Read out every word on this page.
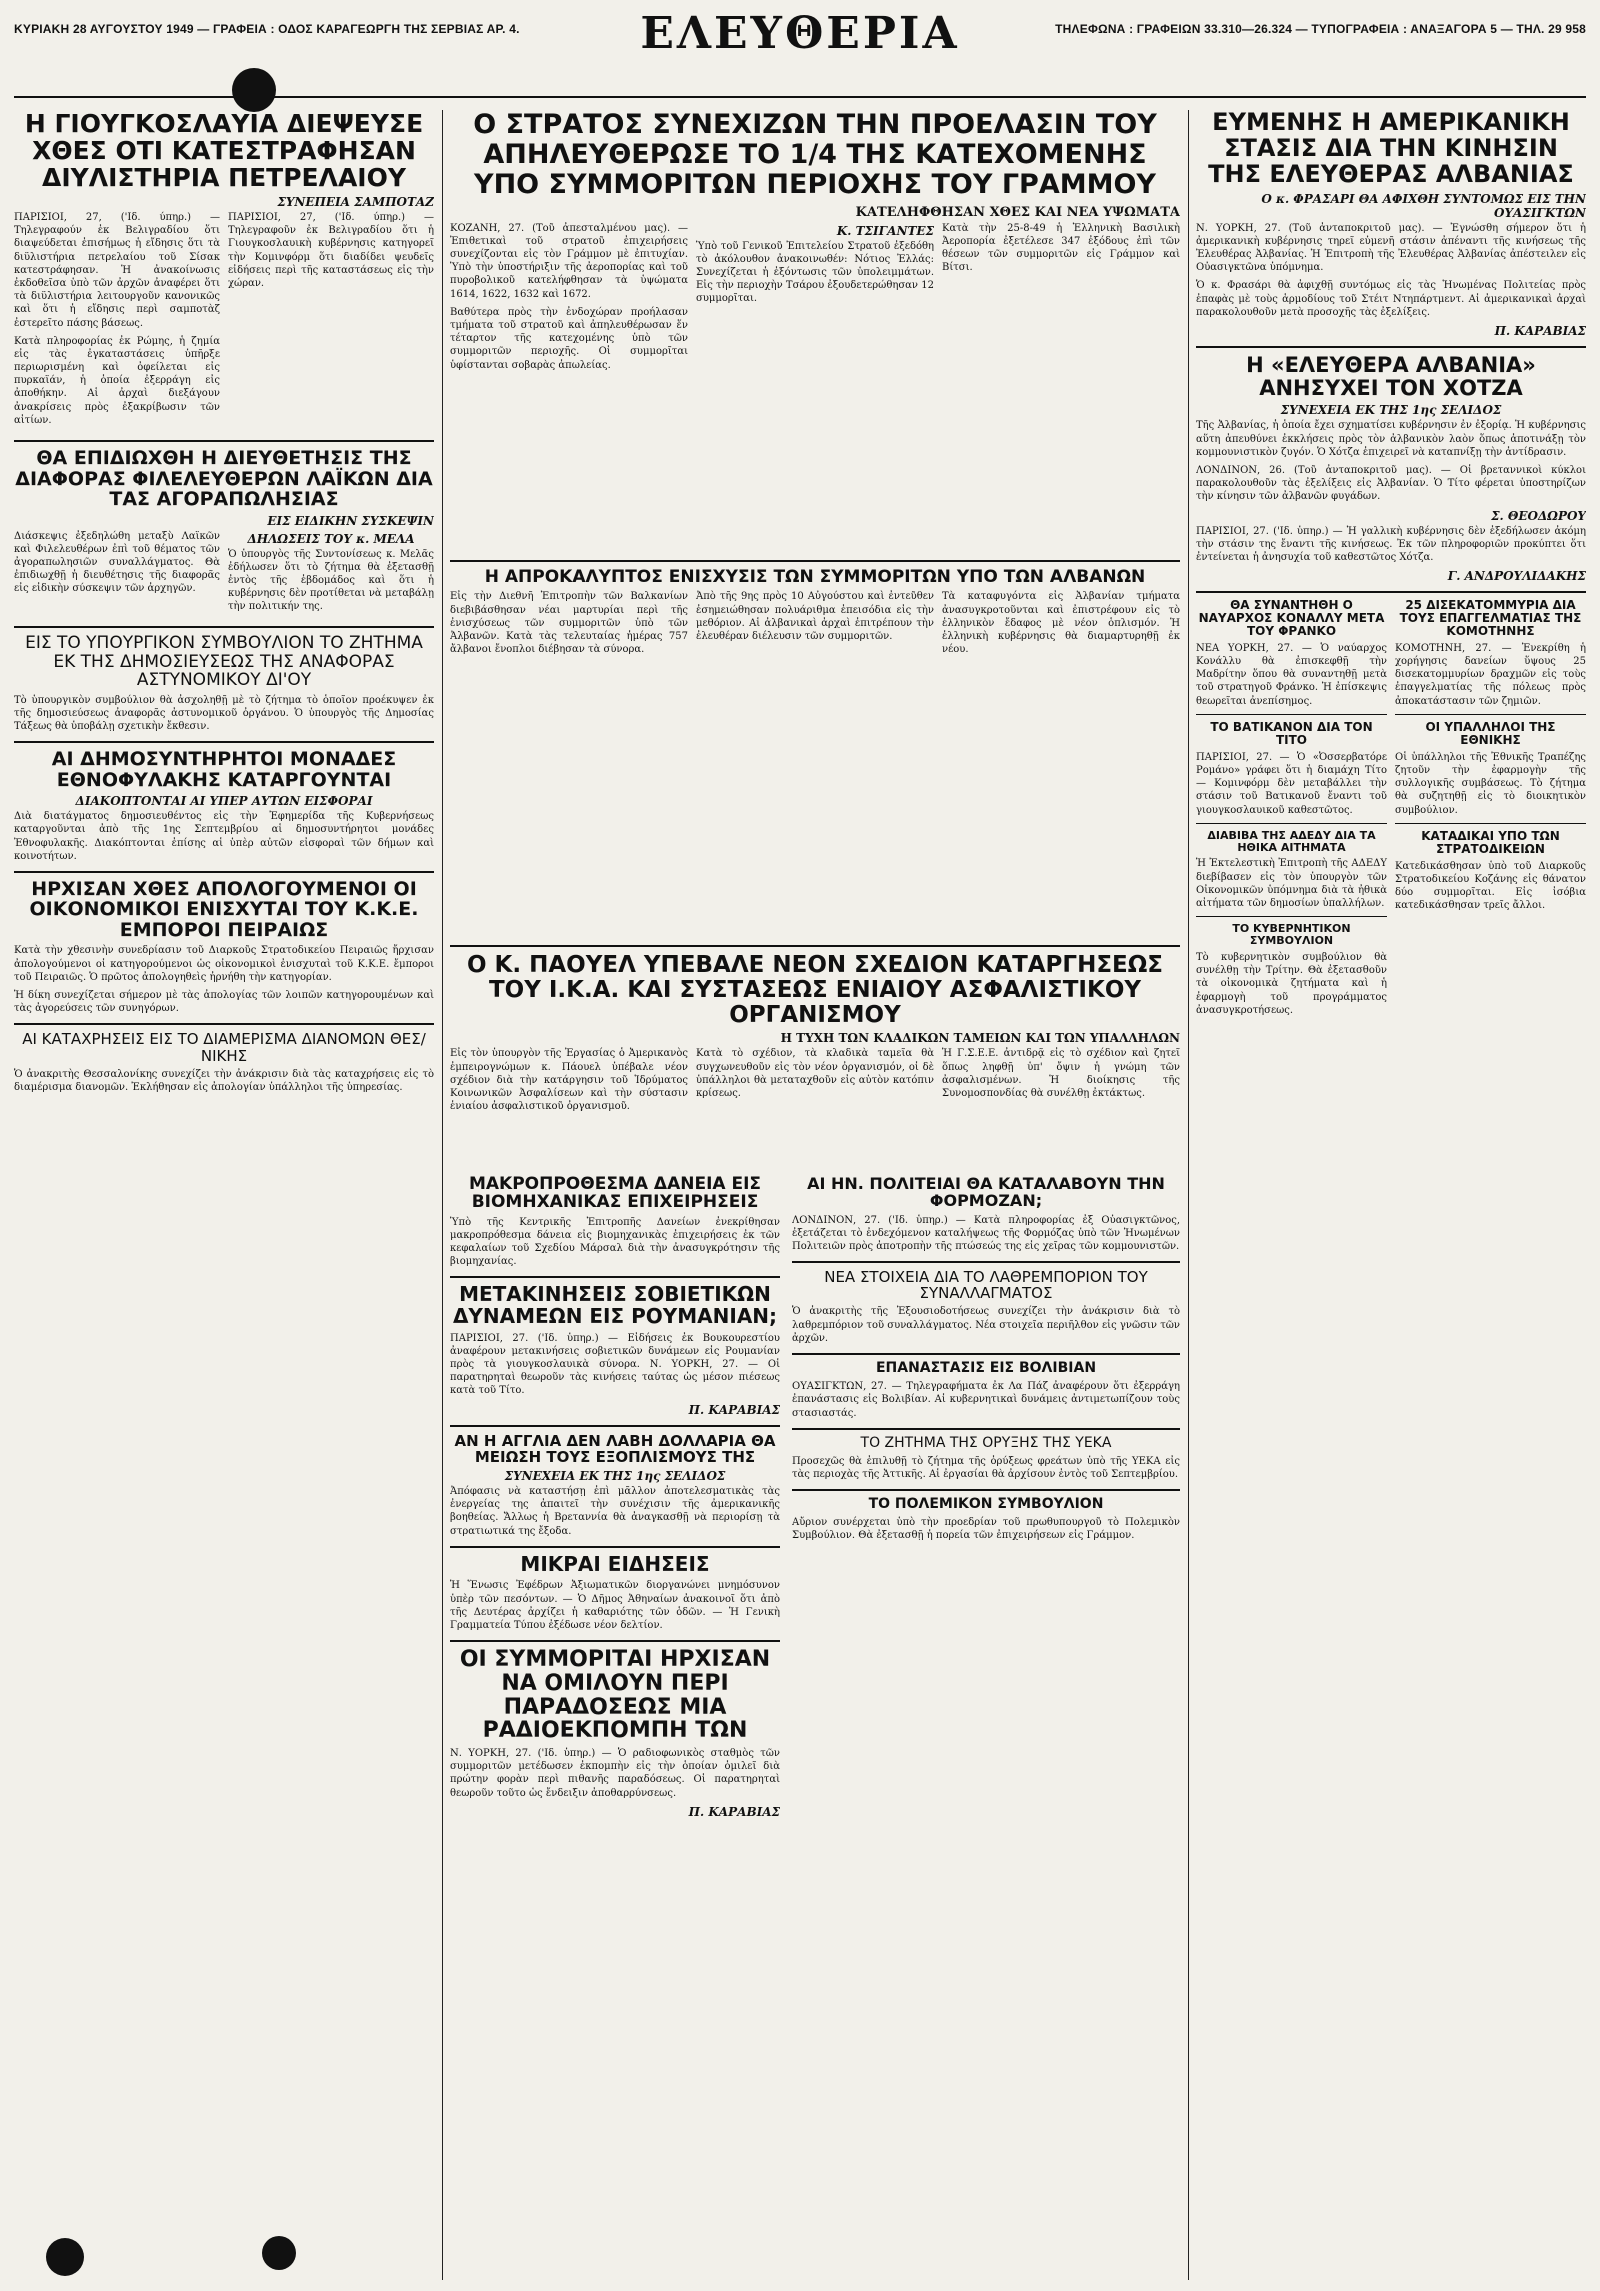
ΚΥΡΙΑΚΗ 28 ΑΥΓΟΥΣΤΟΥ 1949 — ΓΡΑΦΕΙΑ : ΟΔΟΣ ΚΑΡΑΓΕΩΡΓΗ ΤΗΣ ΣΕΡΒΙΑΣ ΑΡ. 4.	ΕΛΕΥΘΕΡΙΑ	ΤΗΛΕΦΩΝΑ : ΓΡΑΦΕΙΩΝ 33.310—26.324 — ΤΥΠΟΓΡΑΦΕΙΑ : ΑΝΑΞΑΓΟΡΑ 5 — ΤΗΛ. 29 958
Η ΓΙΟΥΓΚΟΣΛΑΥΙΑ ΔΙΕΨΕΥΣΕ ΧΘΕΣ ΟΤΙ ΚΑΤΕΣΤΡΑΦΗΣΑΝ ΔΙΥΛΙΣΤΗΡΙΑ ΠΕΤΡΕΛΑΙΟΥ
ΣΥΝΕΠΕΙΑ ΣΑΜΠΟΤΑΖ

ΠΑΡΙΣΙΟΙ, 27, ('Ιδ. ύπηρ.) — Τηλεγραφούν ἐκ Βελιγραδίου ὅτι διαψεύδεται ἐπισήμως ἡ εἴδησις ὅτι τὰ διϋλιστήρια πετρελαίου τοῦ Σίσακ κατεστράφησαν. Ἡ ἀνακοίνωσις ἐκδοθεῖσα ὑπὸ τῶν ἀρχῶν ἀναφέρει ὅτι τὰ διϋλιστήρια λειτουργοῦν κανονικῶς καὶ ὅτι ἡ εἴδησις περὶ σαμποτὰζ ἐστερεῖτο πάσης βάσεως.

Κατὰ πληροφορίας ἐκ Ρώμης, ἡ ζημία εἰς τὰς ἐγκαταστάσεις ὑπῆρξε περιωρισμένη καὶ ὀφείλεται εἰς πυρκαϊάν, ἡ ὁποία ἐξερράγη εἰς ἀποθήκην. Αἱ ἀρχαὶ διεξάγουν ἀνακρίσεις πρὸς ἐξακρίβωσιν τῶν αἰτίων.

ΠΑΡΙΣΙΟΙ, 27, ('Ιδ. ύπηρ.) — Τηλεγραφοῦν ἐκ Βελιγραδίου ὅτι ἡ Γιουγκοσλαυικὴ κυβέρνησις κατηγορεῖ τὴν Κομινφόρμ ὅτι διαδίδει ψευδεῖς εἰδήσεις περὶ τῆς καταστάσεως εἰς τὴν χώραν.

ΘΑ ΕΠΙΔΙΩΧΘΗ Η ΔΙΕΥΘΕΤΗΣΙΣ ΤΗΣ ΔΙΑΦΟΡΑΣ ΦΙΛΕΛΕΥΘΕΡΩΝ ΛΑΪΚΩΝ ΔΙΑ ΤΑΣ ΑΓΟΡΑΠΩΛΗΣΙΑΣ
ΕΙΣ ΕΙΔΙΚΗΝ ΣΥΣΚΕΨΙΝ

Διάσκεψις ἐξεδηλώθη μεταξὺ Λαϊκῶν καὶ Φιλελευθέρων ἐπὶ τοῦ θέματος τῶν ἀγοραπωλησιῶν συναλλάγματος. Θὰ ἐπιδιωχθῇ ἡ διευθέτησις τῆς διαφορᾶς εἰς εἰδικὴν σύσκεψιν τῶν ἀρχηγῶν.

ΔΗΛΩΣΕΙΣ ΤΟΥ κ. ΜΕΛΑ

Ὁ ὑπουργὸς τῆς Συντονίσεως κ. Μελᾶς ἐδήλωσεν ὅτι τὸ ζήτημα θὰ ἐξετασθῇ ἐντὸς τῆς ἑβδομάδος καὶ ὅτι ἡ κυβέρνησις δὲν προτίθεται νὰ μεταβάλῃ τὴν πολιτικήν της.

ΕΙΣ ΤΟ ΥΠΟΥΡΓΙΚΟΝ ΣΥΜΒΟΥΛΙΟΝ ΤΟ ΖΗΤΗΜΑ ΕΚ ΤΗΣ ΔΗΜΟΣΙΕΥΣΕΩΣ ΤΗΣ ΑΝΑΦΟΡΑΣ ΑΣΤΥΝΟΜΙΚΟΥ ΔΙ'ΟΥ

Τὸ ὑπουργικὸν συμβούλιον θὰ ἀσχοληθῇ μὲ τὸ ζήτημα τὸ ὁποῖον προέκυψεν ἐκ τῆς δημοσιεύσεως ἀναφορᾶς ἀστυνομικοῦ ὀργάνου. Ὁ ὑπουργὸς τῆς Δημοσίας Τάξεως θὰ ὑποβάλῃ σχετικὴν ἔκθεσιν.

ΑΙ ΔΗΜΟΣΥΝΤΗΡΗΤΟΙ ΜΟΝΑΔΕΣ ΕΘΝΟΦΥΛΑΚΗΣ ΚΑΤΑΡΓΟΥΝΤΑΙ
ΔΙΑΚΟΠΤΟΝΤΑΙ ΑΙ ΥΠΕΡ ΑΥΤΩΝ ΕΙΣΦΟΡΑΙ

Διὰ διατάγματος δημοσιευθέντος εἰς τὴν Ἐφημερίδα τῆς Κυβερνήσεως καταργοῦνται ἀπὸ τῆς 1ης Σεπτεμβρίου αἱ δημοσυντήρητοι μονάδες Ἐθνοφυλακῆς. Διακόπτονται ἐπίσης αἱ ὑπὲρ αὐτῶν εἰσφοραὶ τῶν δήμων καὶ κοινοτήτων.

ΗΡΧΙΣΑΝ ΧΘΕΣ ΑΠΟΛΟΓΟΥΜΕΝΟΙ ΟΙ ΟΙΚΟΝΟΜΙΚΟΙ ΕΝΙΣΧΥΤΑΙ ΤΟΥ Κ.Κ.Ε. ΕΜΠΟΡΟΙ ΠΕΙΡΑΙΩΣ

Κατὰ τὴν χθεσινὴν συνεδρίασιν τοῦ Διαρκοῦς Στρατοδικείου Πειραιῶς ἤρχισαν ἀπολογούμενοι οἱ κατηγορούμενοι ὡς οἰκονομικοὶ ἐνισχυταὶ τοῦ Κ.Κ.Ε. ἔμποροι τοῦ Πειραιῶς. Ὁ πρῶτος ἀπολογηθεὶς ἠρνήθη τὴν κατηγορίαν.

Ἡ δίκη συνεχίζεται σήμερον μὲ τὰς ἀπολογίας τῶν λοιπῶν κατηγορουμένων καὶ τὰς ἀγορεύσεις τῶν συνηγόρων.

ΑΙ ΚΑΤΑΧΡΗΣΕΙΣ ΕΙΣ ΤΟ ΔΙΑΜΕΡΙΣΜΑ ΔΙΑΝΟΜΩΝ ΘΕΣ/ΝΙΚΗΣ

Ὁ ἀνακριτὴς Θεσσαλονίκης συνεχίζει τὴν ἀνάκρισιν διὰ τὰς καταχρήσεις εἰς τὸ διαμέρισμα διανομῶν. Ἐκλήθησαν εἰς ἀπολογίαν ὑπάλληλοι τῆς ὑπηρεσίας.

Ο ΣΤΡΑΤΟΣ ΣΥΝΕΧΙΖΩΝ ΤΗΝ ΠΡΟΕΛΑΣΙΝ ΤΟΥ ΑΠΗΛΕΥΘΕΡΩΣΕ ΤΟ 1/4 ΤΗΣ ΚΑΤΕΧΟΜΕΝΗΣ ΥΠΟ ΣΥΜΜΟΡΙΤΩΝ ΠΕΡΙΟΧΗΣ ΤΟΥ ΓΡΑΜΜΟΥ
ΚΑΤΕΛΗΦΘΗΣΑΝ ΧΘΕΣ ΚΑΙ ΝΕΑ ΥΨΩΜΑΤΑ

ΚΟΖΑΝΗ, 27. (Τοῦ ἀπεσταλμένου μας). — Ἐπιθετικαὶ τοῦ στρατοῦ ἐπιχειρήσεις συνεχίζονται εἰς τὸν Γράμμον μὲ ἐπιτυχίαν. Ὑπὸ τὴν ὑποστήριξιν τῆς ἀεροπορίας καὶ τοῦ πυροβολικοῦ κατελήφθησαν τὰ ὑψώματα 1614, 1622, 1632 καὶ 1672.

Βαθύτερα πρὸς τὴν ἐνδοχώραν προήλασαν τμήματα τοῦ στρατοῦ καὶ ἀπηλευθέρωσαν ἕν τέταρτον τῆς κατεχομένης ὑπὸ τῶν συμμοριτῶν περιοχῆς. Οἱ συμμορῖται ὑφίστανται σοβαρὰς ἀπωλείας.

Κ. ΤΣΙΓΑΝΤΕΣ

Ὑπὸ τοῦ Γενικοῦ Ἐπιτελείου Στρατοῦ ἐξεδόθη τὸ ἀκόλουθον ἀνακοινωθέν: Νότιος Ἐλλάς: Συνεχίζεται ἡ ἐξόντωσις τῶν ὑπολειμμάτων. Εἰς τὴν περιοχὴν Τσάρου ἐξουδετερώθησαν 12 συμμορῖται.

Κατὰ τὴν 25-8-49 ἡ Ἑλληνικὴ Βασιλικὴ Ἀεροπορία ἐξετέλεσε 347 ἐξόδους ἐπὶ τῶν θέσεων τῶν συμμοριτῶν εἰς Γράμμον καὶ Βίτσι.

Η ΑΠΡΟΚΑΛΥΠΤΟΣ ΕΝΙΣΧΥΣΙΣ ΤΩΝ ΣΥΜΜΟΡΙΤΩΝ ΥΠΟ ΤΩΝ ΑΛΒΑΝΩΝ

Εἰς τὴν Διεθνῆ Ἐπιτροπὴν τῶν Βαλκανίων διεβιβάσθησαν νέαι μαρτυρίαι περὶ τῆς ἐνισχύσεως τῶν συμμοριτῶν ὑπὸ τῶν Ἀλβανῶν. Κατὰ τὰς τελευταίας ἡμέρας 757 ἄλβανοι ἔνοπλοι διέβησαν τὰ σύνορα.

Ἀπὸ τῆς 9ης πρὸς 10 Αὐγούστου καὶ ἐντεῦθεν ἐσημειώθησαν πολυάριθμα ἐπεισόδια εἰς τὴν μεθόριον. Αἱ ἀλβανικαὶ ἀρχαὶ ἐπιτρέπουν τὴν ἐλευθέραν διέλευσιν τῶν συμμοριτῶν.

Τὰ καταφυγόντα εἰς Ἀλβανίαν τμήματα ἀνασυγκροτοῦνται καὶ ἐπιστρέφουν εἰς τὸ ἑλληνικὸν ἔδαφος μὲ νέον ὁπλισμόν. Ἡ ἑλληνικὴ κυβέρνησις θὰ διαμαρτυρηθῇ ἐκ νέου.

Ο Κ. ΠΑΟΥΕΛ ΥΠΕΒΑΛΕ ΝΕΟΝ ΣΧΕΔΙΟΝ ΚΑΤΑΡΓΗΣΕΩΣ ΤΟΥ Ι.Κ.Α. ΚΑΙ ΣΥΣΤΑΣΕΩΣ ΕΝΙΑΙΟΥ ΑΣΦΑΛΙΣΤΙΚΟΥ ΟΡΓΑΝΙΣΜΟΥ
Η ΤΥΧΗ ΤΩΝ ΚΛΑΔΙΚΩΝ ΤΑΜΕΙΩΝ ΚΑΙ ΤΩΝ ΥΠΑΛΛΗΛΩΝ

Εἰς τὸν ὑπουργὸν τῆς Ἐργασίας ὁ Ἀμερικανὸς ἐμπειρογνώμων κ. Πάουελ ὑπέβαλε νέον σχέδιον διὰ τὴν κατάργησιν τοῦ Ἱδρύματος Κοινωνικῶν Ἀσφαλίσεων καὶ τὴν σύστασιν ἑνιαίου ἀσφαλιστικοῦ ὀργανισμοῦ.

Κατὰ τὸ σχέδιον, τὰ κλαδικὰ ταμεῖα θὰ συγχωνευθοῦν εἰς τὸν νέον ὀργανισμόν, οἱ δὲ ὑπάλληλοι θὰ μεταταχθοῦν εἰς αὐτὸν κατόπιν κρίσεως.

Ἡ Γ.Σ.Ε.Ε. ἀντιδρᾷ εἰς τὸ σχέδιον καὶ ζητεῖ ὅπως ληφθῇ ὑπ' ὄψιν ἡ γνώμη τῶν ἀσφαλισμένων. Ἡ διοίκησις τῆς Συνομοσπονδίας θὰ συνέλθῃ ἐκτάκτως.

ΜΑΚΡΟΠΡΟΘΕΣΜΑ ΔΑΝΕΙΑ ΕΙΣ ΒΙΟΜΗΧΑΝΙΚΑΣ ΕΠΙΧΕΙΡΗΣΕΙΣ

Ὑπὸ τῆς Κεντρικῆς Ἐπιτροπῆς Δανείων ἐνεκρίθησαν μακροπρόθεσμα δάνεια εἰς βιομηχανικὰς ἐπιχειρήσεις ἐκ τῶν κεφαλαίων τοῦ Σχεδίου Μάρσαλ διὰ τὴν ἀνασυγκρότησιν τῆς βιομηχανίας.

ΜΕΤΑΚΙΝΗΣΕΙΣ ΣΟΒΙΕΤΙΚΩΝ ΔΥΝΑΜΕΩΝ ΕΙΣ ΡΟΥΜΑΝΙΑΝ;

ΠΑΡΙΣΙΟΙ, 27. ('Ιδ. ὑπηρ.) — Εἰδήσεις ἐκ Βουκουρεστίου ἀναφέρουν μετακινήσεις σοβιετικῶν δυνάμεων εἰς Ρουμανίαν πρὸς τὰ γιουγκοσλαυικὰ σύνορα. Ν. ΥΟΡΚΗ, 27. — Οἱ παρατηρηταὶ θεωροῦν τὰς κινήσεις ταύτας ὡς μέσον πιέσεως κατὰ τοῦ Τίτο.

Π. ΚΑΡΑΒΙΑΣ
ΑΝ Η ΑΓΓΛΙΑ ΔΕΝ ΛΑΒΗ ΔΟΛΛΑΡΙΑ ΘΑ ΜΕΙΩΣΗ ΤΟΥΣ ΕΞΟΠΛΙΣΜΟΥΣ ΤΗΣ
ΣΥΝΕΧΕΙΑ ΕΚ ΤΗΣ 1ης ΣΕΛΙΔΟΣ

Ἀπόφασις νὰ καταστήσῃ ἐπὶ μᾶλλον ἀποτελεσματικὰς τὰς ἐνεργείας της ἀπαιτεῖ τὴν συνέχισιν τῆς ἀμερικανικῆς βοηθείας. Ἄλλως ἡ Βρεταννία θὰ ἀναγκασθῇ νὰ περιορίσῃ τὰ στρατιωτικά της ἔξοδα.

ΜΙΚΡΑΙ ΕΙΔΗΣΕΙΣ

Ἡ Ἕνωσις Ἐφέδρων Ἀξιωματικῶν διοργανώνει μνημόσυνον ὑπὲρ τῶν πεσόντων. — Ὁ Δῆμος Ἀθηναίων ἀνακοινοῖ ὅτι ἀπὸ τῆς Δευτέρας ἀρχίζει ἡ καθαριότης τῶν ὁδῶν. — Ἡ Γενικὴ Γραμματεία Τύπου ἐξέδωσε νέον δελτίον.

ΟΙ ΣΥΜΜΟΡΙΤΑΙ ΗΡΧΙΣΑΝ ΝΑ ΟΜΙΛΟΥΝ ΠΕΡΙ ΠΑΡΑΔΟΣΕΩΣ ΜΙΑ ΡΑΔΙΟΕΚΠΟΜΠΗ ΤΩΝ

Ν. ΥΟΡΚΗ, 27. ('Ιδ. ὑπηρ.) — Ὁ ραδιοφωνικὸς σταθμὸς τῶν συμμοριτῶν μετέδωσεν ἐκπομπὴν εἰς τὴν ὁποίαν ὁμιλεῖ διὰ πρώτην φορὰν περὶ πιθανῆς παραδόσεως. Οἱ παρατηρηταὶ θεωροῦν τοῦτο ὡς ἔνδειξιν ἀποθαρρύνσεως.

Π. ΚΑΡΑΒΙΑΣ
ΑΙ ΗΝ. ΠΟΛΙΤΕΙΑΙ ΘΑ ΚΑΤΑΛΑΒΟΥΝ ΤΗΝ ΦΟΡΜΟΖΑΝ;

ΛΟΝΔΙΝΟΝ, 27. ('Ιδ. ὑπηρ.) — Κατὰ πληροφορίας ἐξ Οὐασιγκτῶνος, ἐξετάζεται τὸ ἐνδεχόμενον καταλήψεως τῆς Φορμόζας ὑπὸ τῶν Ἡνωμένων Πολιτειῶν πρὸς ἀποτροπὴν τῆς πτώσεώς της εἰς χεῖρας τῶν κομμουνιστῶν.

ΝΕΑ ΣΤΟΙΧΕΙΑ ΔΙΑ ΤΟ ΛΑΘΡΕΜΠΟΡΙΟΝ ΤΟΥ ΣΥΝΑΛΛΑΓΜΑΤΟΣ

Ὁ ἀνακριτὴς τῆς Ἐξουσιοδοτήσεως συνεχίζει τὴν ἀνάκρισιν διὰ τὸ λαθρεμπόριον τοῦ συναλλάγματος. Νέα στοιχεῖα περιῆλθον εἰς γνῶσιν τῶν ἀρχῶν.

ΕΠΑΝΑΣΤΑΣΙΣ ΕΙΣ ΒΟΛΙΒΙΑΝ

ΟΥΑΣΙΓΚΤΩΝ, 27. — Τηλεγραφήματα ἐκ Λα Πάζ ἀναφέρουν ὅτι ἐξερράγη ἐπανάστασις εἰς Βολιβίαν. Αἱ κυβερνητικαὶ δυνάμεις ἀντιμετωπίζουν τοὺς στασιαστάς.

ΤΟ ΖΗΤΗΜΑ ΤΗΣ ΟΡΥΞΗΣ ΤΗΣ ΥΕΚΑ

Προσεχῶς θὰ ἐπιλυθῇ τὸ ζήτημα τῆς ὀρύξεως φρεάτων ὑπὸ τῆς ΥΕΚΑ εἰς τὰς περιοχὰς τῆς Ἀττικῆς. Αἱ ἐργασίαι θὰ ἀρχίσουν ἐντὸς τοῦ Σεπτεμβρίου.

ΤΟ ΠΟΛΕΜΙΚΟΝ ΣΥΜΒΟΥΛΙΟΝ

Αὔριον συνέρχεται ὑπὸ τὴν προεδρίαν τοῦ πρωθυπουργοῦ τὸ Πολεμικὸν Συμβούλιον. Θὰ ἐξετασθῇ ἡ πορεία τῶν ἐπιχειρήσεων εἰς Γράμμον.

ΕΥΜΕΝΗΣ Η ΑΜΕΡΙΚΑΝΙΚΗ ΣΤΑΣΙΣ ΔΙΑ ΤΗΝ ΚΙΝΗΣΙΝ ΤΗΣ ΕΛΕΥΘΕΡΑΣ ΑΛΒΑΝΙΑΣ
Ο κ. ΦΡΑΣΑΡΙ ΘΑ ΑΦΙΧΘΗ ΣΥΝΤΟΜΩΣ ΕΙΣ ΤΗΝ ΟΥΑΣΙΓΚΤΩΝ

Ν. ΥΟΡΚΗ, 27. (Τοῦ ἀνταποκριτοῦ μας). — Ἐγνώσθη σήμερον ὅτι ἡ ἀμερικανικὴ κυβέρνησις τηρεῖ εὐμενῆ στάσιν ἀπέναντι τῆς κινήσεως τῆς Ἐλευθέρας Ἀλβανίας. Ἡ Ἐπιτροπὴ τῆς Ἐλευθέρας Ἀλβανίας ἀπέστειλεν εἰς Οὐασιγκτῶνα ὑπόμνημα.

Ὁ κ. Φρασάρι θὰ ἀφιχθῇ συντόμως εἰς τὰς Ἡνωμένας Πολιτείας πρὸς ἐπαφὰς μὲ τοὺς ἁρμοδίους τοῦ Στέιτ Ντηπάρτμεντ. Αἱ ἀμερικανικαὶ ἀρχαὶ παρακολουθοῦν μετὰ προσοχῆς τὰς ἐξελίξεις.

Π. ΚΑΡΑΒΙΑΣ
Η «ΕΛΕΥΘΕΡΑ ΑΛΒΑΝΙΑ» ΑΝΗΣΥΧΕΙ ΤΟΝ ΧΟΤΖΑ
ΣΥΝΕΧΕΙΑ ΕΚ ΤΗΣ 1ης ΣΕΛΙΔΟΣ

Τῆς Ἀλβανίας, ἡ ὁποία ἔχει σχηματίσει κυβέρνησιν ἐν ἐξορίᾳ. Ἡ κυβέρνησις αὕτη ἀπευθύνει ἐκκλήσεις πρὸς τὸν ἀλβανικὸν λαὸν ὅπως ἀποτινάξῃ τὸν κομμουνιστικὸν ζυγόν. Ὁ Χότζα ἐπιχειρεῖ νὰ καταπνίξῃ τὴν ἀντίδρασιν.

ΛΟΝΔΙΝΟΝ, 26. (Τοῦ ἀνταποκριτοῦ μας). — Οἱ βρεταννικοὶ κύκλοι παρακολουθοῦν τὰς ἐξελίξεις εἰς Ἀλβανίαν. Ὁ Τίτο φέρεται ὑποστηρίζων τὴν κίνησιν τῶν ἀλβανῶν φυγάδων.

Σ. ΘΕΟΔΩΡΟΥ

ΠΑΡΙΣΙΟΙ, 27. ('Ιδ. ὑπηρ.) — Ἡ γαλλικὴ κυβέρνησις δὲν ἐξεδήλωσεν ἀκόμη τὴν στάσιν της ἔναντι τῆς κινήσεως. Ἐκ τῶν πληροφοριῶν προκύπτει ὅτι ἐντείνεται ἡ ἀνησυχία τοῦ καθεστῶτος Χότζα.

Γ. ΑΝΔΡΟΥΛΙΔΑΚΗΣ
ΘΑ ΣΥΝΑΝΤΗΘΗ Ο ΝΑΥΑΡΧΟΣ ΚΟΝΑΛΛΥ ΜΕΤΑ ΤΟΥ ΦΡΑΝΚΟ

ΝΕΑ ΥΟΡΚΗ, 27. — Ὁ ναύαρχος Κονάλλυ θὰ ἐπισκεφθῇ τὴν Μαδρίτην ὅπου θὰ συναντηθῇ μετὰ τοῦ στρατηγοῦ Φράνκο. Ἡ ἐπίσκεψις θεωρεῖται ἀνεπίσημος.

ΤΟ ΒΑΤΙΚΑΝΟΝ ΔΙΑ ΤΟΝ ΤΙΤΟ

ΠΑΡΙΣΙΟΙ, 27. — Ὁ «Ὀσσερβατόρε Ρομάνο» γράφει ὅτι ἡ διαμάχη Τίτο — Κομινφόρμ δὲν μεταβάλλει τὴν στάσιν τοῦ Βατικανοῦ ἔναντι τοῦ γιουγκοσλαυικοῦ καθεστῶτος.

ΔΙΑΒΙΒΑ ΤΗΣ ΑΔΕΔΥ ΔΙΑ ΤΑ ΗΘΙΚΑ ΑΙΤΗΜΑΤΑ

Ἡ Ἐκτελεστικὴ Ἐπιτροπὴ τῆς ΑΔΕΔΥ διεβίβασεν εἰς τὸν ὑπουργὸν τῶν Οἰκονομικῶν ὑπόμνημα διὰ τὰ ἠθικὰ αἰτήματα τῶν δημοσίων ὑπαλλήλων.

ΤΟ ΚΥΒΕΡΝΗΤΙΚΟΝ ΣΥΜΒΟΥΛΙΟΝ

Τὸ κυβερνητικὸν συμβούλιον θὰ συνέλθῃ τὴν Τρίτην. Θὰ ἐξετασθοῦν τὰ οἰκονομικὰ ζητήματα καὶ ἡ ἐφαρμογὴ τοῦ προγράμματος ἀνασυγκροτήσεως.

25 ΔΙΣΕΚΑΤΟΜΜΥΡΙΑ ΔΙΑ ΤΟΥΣ ΕΠΑΓΓΕΛΜΑΤΙΑΣ ΤΗΣ ΚΟΜΟΤΗΝΗΣ

ΚΟΜΟΤΗΝΗ, 27. — Ἐνεκρίθη ἡ χορήγησις δανείων ὕψους 25 δισεκατομμυρίων δραχμῶν εἰς τοὺς ἐπαγγελματίας τῆς πόλεως πρὸς ἀποκατάστασιν τῶν ζημιῶν.

ΟΙ ΥΠΑΛΛΗΛΟΙ ΤΗΣ ΕΘΝΙΚΗΣ

Οἱ ὑπάλληλοι τῆς Ἐθνικῆς Τραπέζης ζητοῦν τὴν ἐφαρμογὴν τῆς συλλογικῆς συμβάσεως. Τὸ ζήτημα θὰ συζητηθῇ εἰς τὸ διοικητικὸν συμβούλιον.

ΚΑΤΑΔΙΚΑΙ ΥΠΟ ΤΩΝ ΣΤΡΑΤΟΔΙΚΕΙΩΝ

Κατεδικάσθησαν ὑπὸ τοῦ Διαρκοῦς Στρατοδικείου Κοζάνης εἰς θάνατον δύο συμμορῖται. Εἰς ἰσόβια κατεδικάσθησαν τρεῖς ἄλλοι.
